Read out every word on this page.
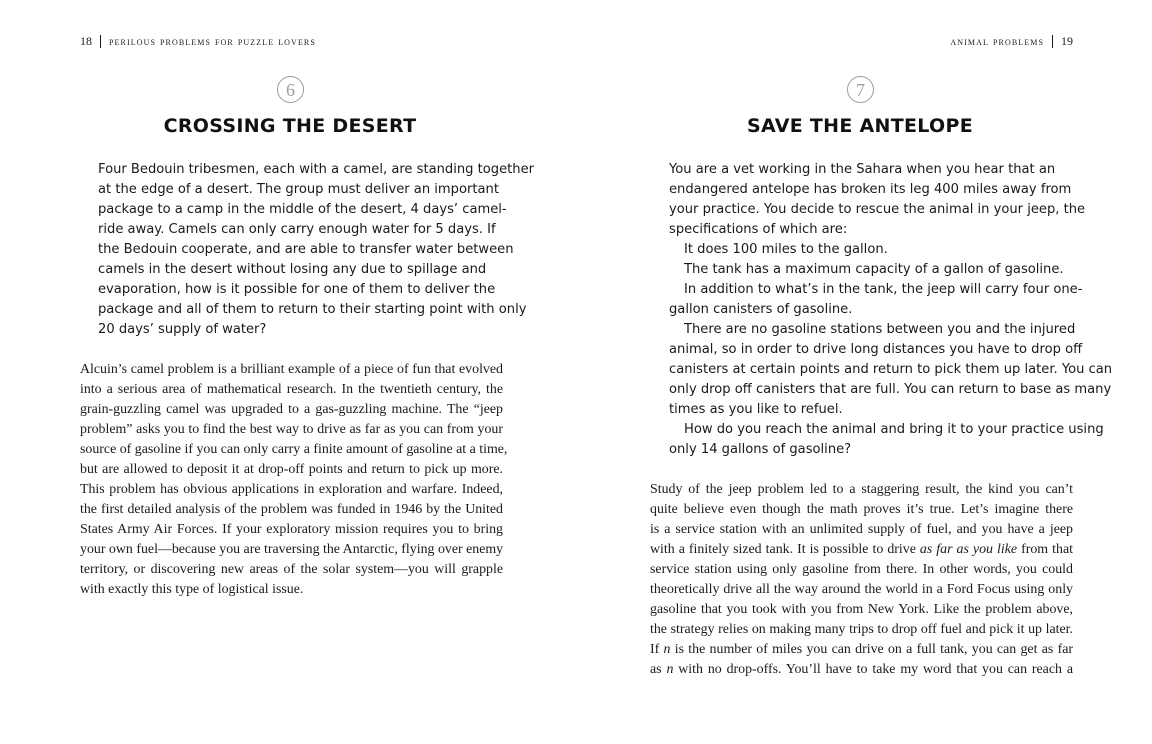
18 perilous problems for puzzle lovers
6
CROSSING THE DESERT
Four Bedouin tribesmen, each with a camel, are standing together
at the edge of a desert. The group must deliver an important
package to a camp in the middle of the desert, 4 days’ camel-
ride away. Camels can only carry enough water for 5 days. If
the Bedouin cooperate, and are able to transfer water between
camels in the desert without losing any due to spillage and
evaporation, how is it possible for one of them to deliver the
package and all of them to return to their starting point with only
20 days’ supply of water?
Alcuin’s camel problem is a brilliant example of a piece of fun that evolved
into a serious area of mathematical research. In the twentieth century, the
grain-guzzling camel was upgraded to a gas-guzzling machine. The “jeep
problem” asks you to find the best way to drive as far as you can from your
source of gasoline if you can only carry a finite amount of gasoline at a time,
but are allowed to deposit it at drop-off points and return to pick up more.
This problem has obvious applications in exploration and warfare. Indeed,
the first detailed analysis of the problem was funded in 1946 by the United
States Army Air Forces. If your exploratory mission requires you to bring
your own fuel—because you are traversing the Antarctic, flying over enemy
territory, or discovering new areas of the solar system—you will grapple
with exactly this type of logistical issue.
animal problems 19
7
SAVE THE ANTELOPE
You are a vet working in the Sahara when you hear that an
endangered antelope has broken its leg 400 miles away from
your practice. You decide to rescue the animal in your jeep, the
specifications of which are:
It does 100 miles to the gallon.
The tank has a maximum capacity of a gallon of gasoline.
In addition to what’s in the tank, the jeep will carry four one-
gallon canisters of gasoline.
There are no gasoline stations between you and the injured
animal, so in order to drive long distances you have to drop off
canisters at certain points and return to pick them up later. You can
only drop off canisters that are full. You can return to base as many
times as you like to refuel.
How do you reach the animal and bring it to your practice using
only 14 gallons of gasoline?
Study of the jeep problem led to a staggering result, the kind you can’t
quite believe even though the math proves it’s true. Let’s imagine there
is a service station with an unlimited supply of fuel, and you have a jeep
with a finitely sized tank. It is possible to drive as far as you like from that
service station using only gasoline from there. In other words, you could
theoretically drive all the way around the world in a Ford Focus using only
gasoline that you took with you from New York. Like the problem above,
the strategy relies on making many trips to drop off fuel and pick it up later.
If n is the number of miles you can drive on a full tank, you can get as far
as n with no drop-offs. You’ll have to take my word that you can reach a
